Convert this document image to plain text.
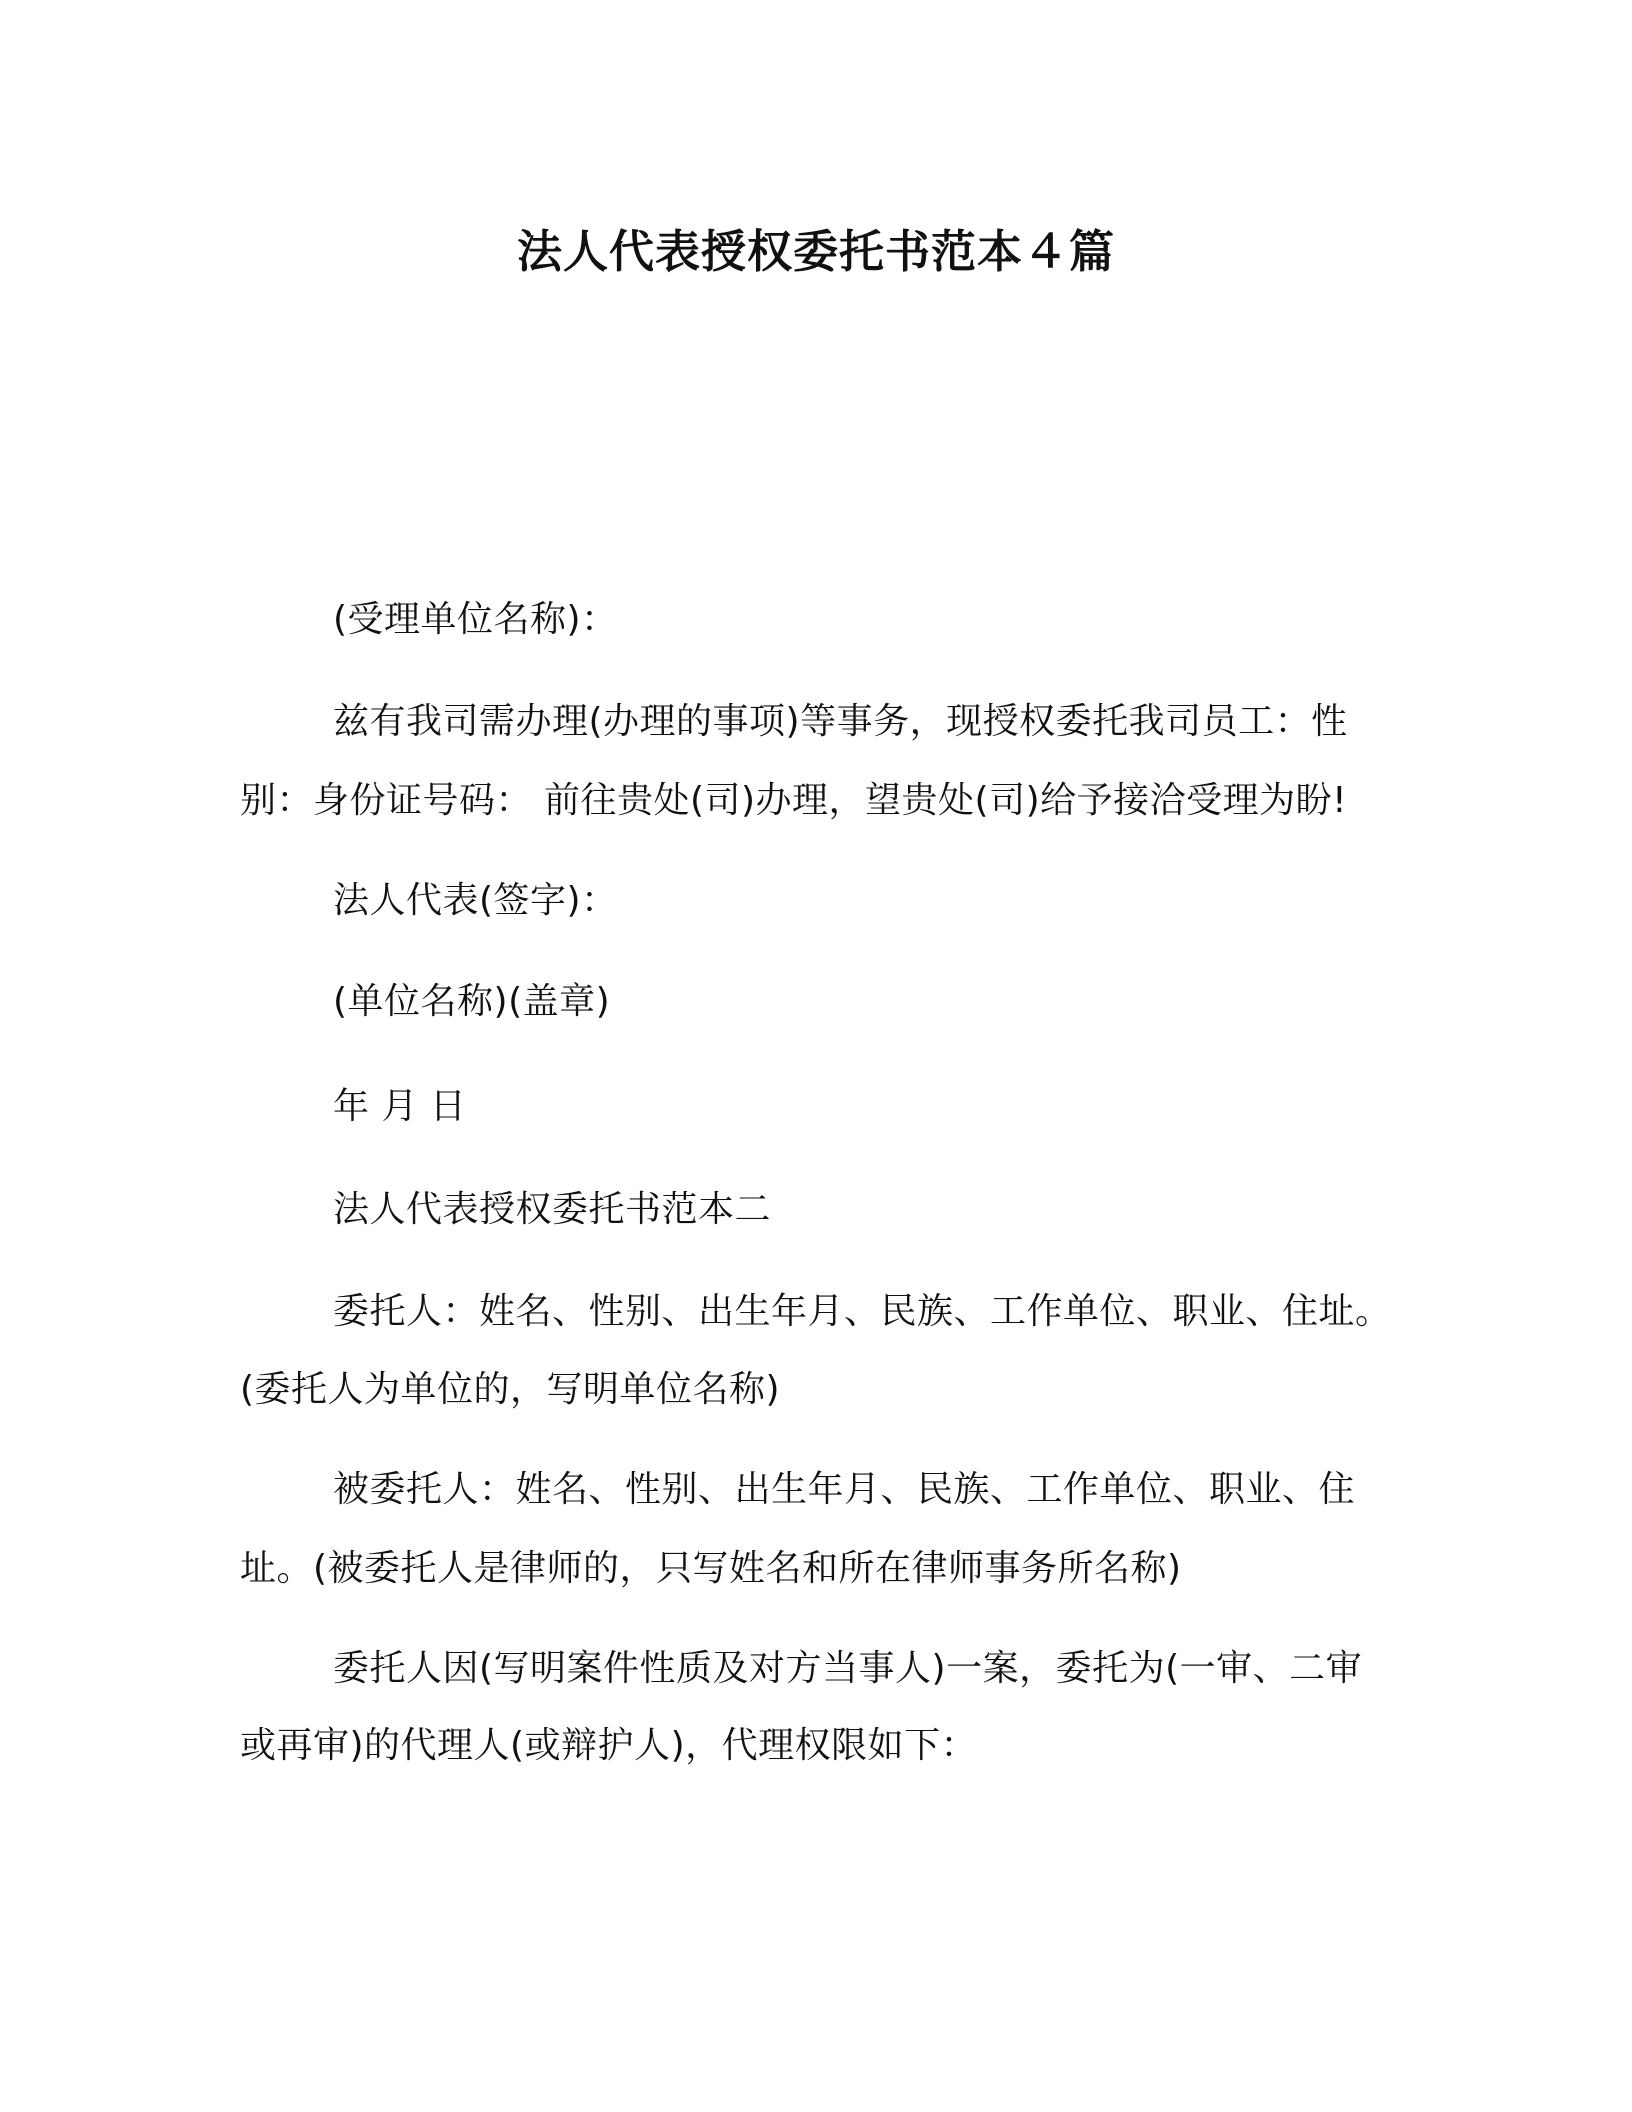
法人代表授权委托书范本４篇
(受理单位名称)：
兹有我司需办理(办理的事项)等事务，现授权委托我司员工：性
别：身份证号码： 前往贵处(司)办理，望贵处(司)给予接洽受理为盼!
法人代表(签字)：
(单位名称)(盖章)
年 月 日
法人代表授权委托书范本二
委托人：姓名、性别、出生年月、民族、工作单位、职业、住址。
(委托人为单位的，写明单位名称)
被委托人：姓名、性别、出生年月、民族、工作单位、职业、住
址。(被委托人是律师的，只写姓名和所在律师事务所名称)
委托人因(写明案件性质及对方当事人)一案，委托为(一审、二审
或再审)的代理人(或辩护人)，代理权限如下：
